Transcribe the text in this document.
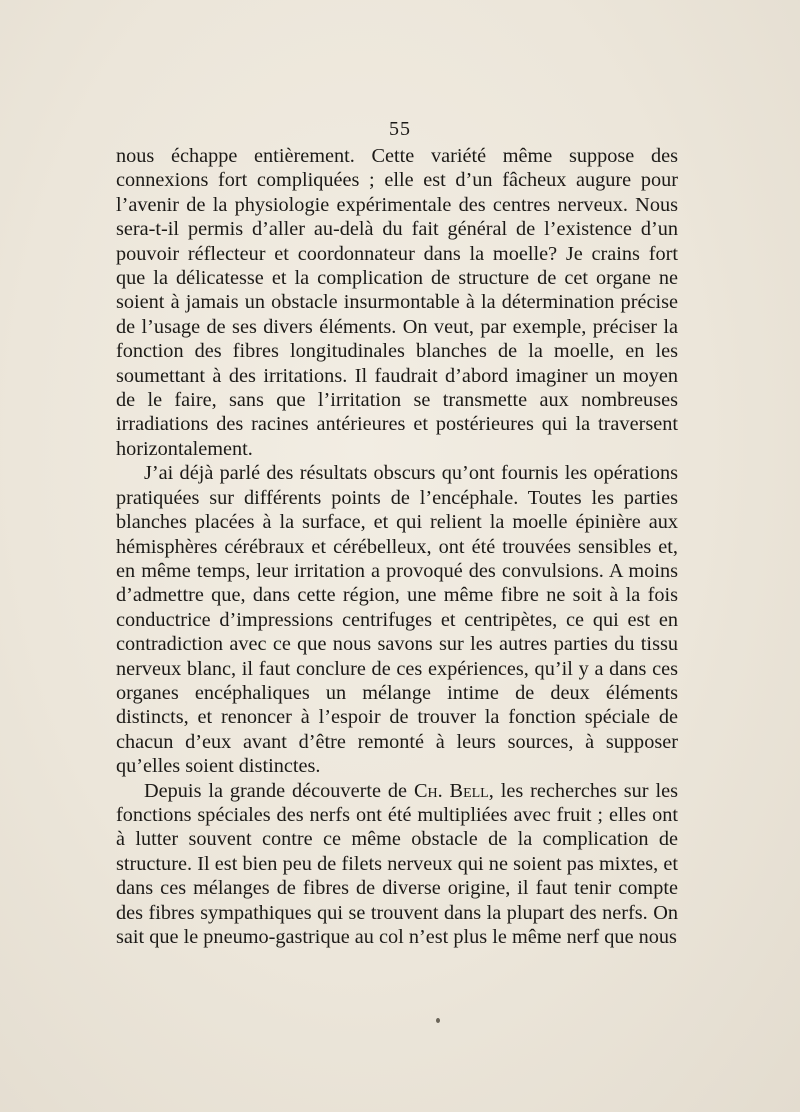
55

nous échappe entièrement. Cette variété même suppose des connexions fort compliquées ; elle est d’un fâcheux augure pour l’avenir de la physiologie expérimentale des centres nerveux. Nous sera-t-il permis d’aller au-delà du fait général de l’existence d’un pouvoir réflecteur et coordonnateur dans la moelle? Je crains fort que la délicatesse et la complication de structure de cet organe ne soient à jamais un obstacle insurmontable à la détermination précise de l’usage de ses divers éléments. On veut, par exemple, préciser la fonction des fibres longitudinales blanches de la moelle, en les soumettant à des irritations. Il faudrait d’abord imaginer un moyen de le faire, sans que l’irritation se transmette aux nombreuses irradiations des racines antérieures et postérieures qui la traversent horizontalement.

J’ai déjà parlé des résultats obscurs qu’ont fournis les opérations pratiquées sur différents points de l’encéphale. Toutes les parties blanches placées à la surface, et qui relient la moelle épinière aux hémisphères cérébraux et cérébelleux, ont été trouvées sensibles et, en même temps, leur irritation a provoqué des convulsions. A moins d’admettre que, dans cette région, une même fibre ne soit à la fois conductrice d’impressions centrifuges et centripètes, ce qui est en contradiction avec ce que nous savons sur les autres parties du tissu nerveux blanc, il faut conclure de ces expériences, qu’il y a dans ces organes encéphaliques un mélange intime de deux éléments distincts, et renoncer à l’espoir de trouver la fonction spéciale de chacun d’eux avant d’être remonté à leurs sources, à supposer qu’elles soient distinctes.

Depuis la grande découverte de Ch. Bell, les recherches sur les fonctions spéciales des nerfs ont été multipliées avec fruit ; elles ont à lutter souvent contre ce même obstacle de la complication de structure. Il est bien peu de filets nerveux qui ne soient pas mixtes, et dans ces mélanges de fibres de diverse origine, il faut tenir compte des fibres sympathiques qui se trouvent dans la plupart des nerfs. On sait que le pneumo-gastrique au col n’est plus le même nerf que nous
